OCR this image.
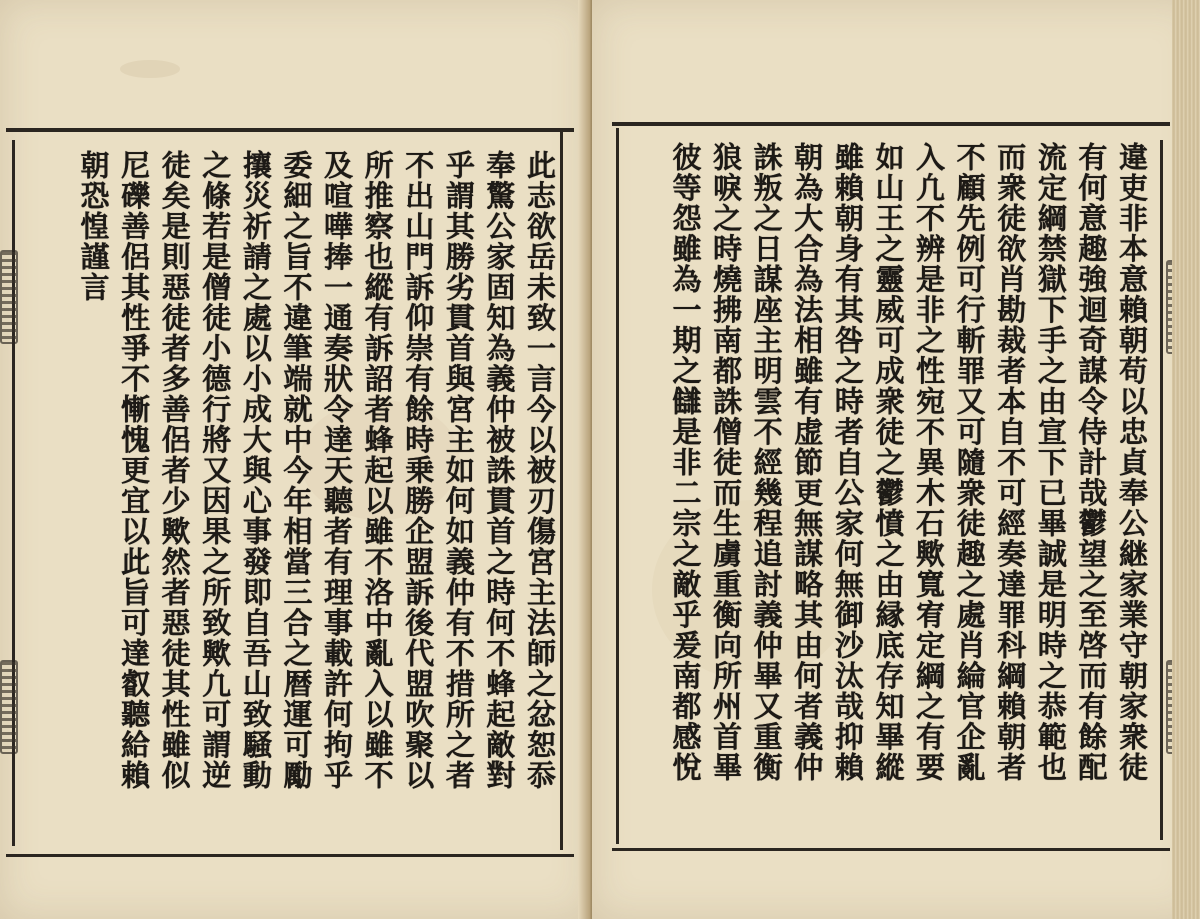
此志欲岳未致一言今以被刃傷宮主法師之忿恕忝
奉驚公家固知為義仲被誅貫首之時何不蜂起敵對
乎謂其勝劣貫首與宮主如何如義仲有不措所之者
不出山門訴仰崇有餘時乗勝企盟訴後代盟吹聚以
所推察也縱有訴詔者蜂起以雖不洛中亂入以雖不
及喧嘩捧一通奏狀令達天聽者有理事載許何拘乎
委細之旨不違筆端就中今年相當三合之暦運可勵
攘災祈請之處以小成大與心事發即自吾山致騒動
之條若是僧徒小德行將又因果之所致歟凢可謂逆
徒矣是則惡徒者多善侶者少歟然者惡徒其性雖似
尼礫善侶其性爭不慚愧更宜以此旨可達叡聽給賴
朝恐惶謹言	違吏非本意賴朝苟以忠貞奉公継家業守朝家衆徒
有何意趣強迴奇謀令侍計哉鬱望之至啓而有餘配
流定綱禁獄下手之由宣下已畢誠是明時之恭範也
而衆徒欲肖勘裁者本自不可經奏達罪科綱賴朝者
不顧先例可行斬罪又可隨衆徒趣之處肖綸官企亂
入凢不辨是非之性宛不異木石歟寬宥定綱之有要
如山王之靈威可成衆徒之鬱憤之由縁底存知畢縱
雖賴朝身有其咎之時者自公家何無御沙汰哉抑賴
朝為大合為法相雖有虚節更無謀略其由何者義仲
誅叛之日謀座主明雲不經幾程追討義仲畢又重衡
狼唳之時燒拂南都誅僧徒而生虜重衡向所州首畢
彼等怨雖為一期之讎是非二宗之敵乎爰南都感悅
